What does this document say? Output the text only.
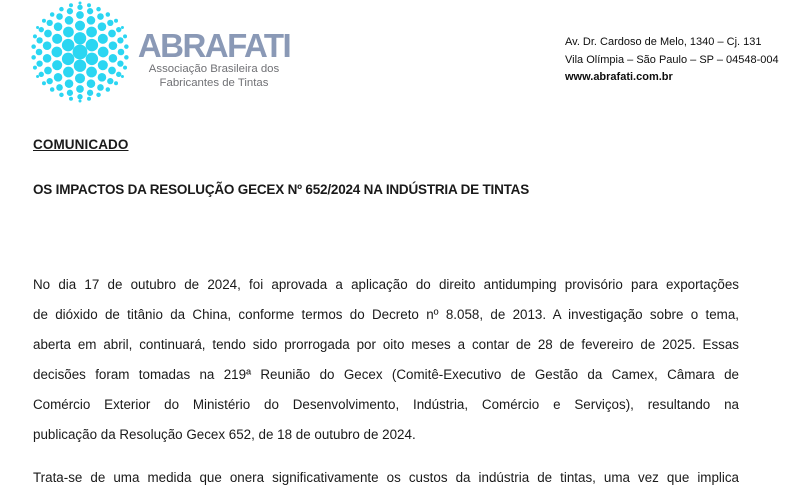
ABRAFATI
Associação Brasileira dos
Fabricantes de Tintas
Av. Dr. Cardoso de Melo, 1340 – Cj. 131
Vila Olímpia – São Paulo – SP – 04548-004
www.abrafati.com.br
COMUNICADO
OS IMPACTOS DA RESOLUÇÃO GECEX Nº 652/2024 NA INDÚSTRIA DE TINTAS
No dia 17 de outubro de 2024, foi aprovada a aplicação do direito antidumping provisório para exportações
de dióxido de titânio da China, conforme termos do Decreto nº 8.058, de 2013. A investigação sobre o tema,
aberta em abril, continuará, tendo sido prorrogada por oito meses a contar de 28 de fevereiro de 2025. Essas
decisões foram tomadas na 219ª Reunião do Gecex (Comitê-Executivo de Gestão da Camex, Câmara de
Comércio Exterior do Ministério do Desenvolvimento, Indústria, Comércio e Serviços), resultando na
publicação da Resolução Gecex 652, de 18 de outubro de 2024.
Trata-se de uma medida que onera significativamente os custos da indústria de tintas, uma vez que implica
